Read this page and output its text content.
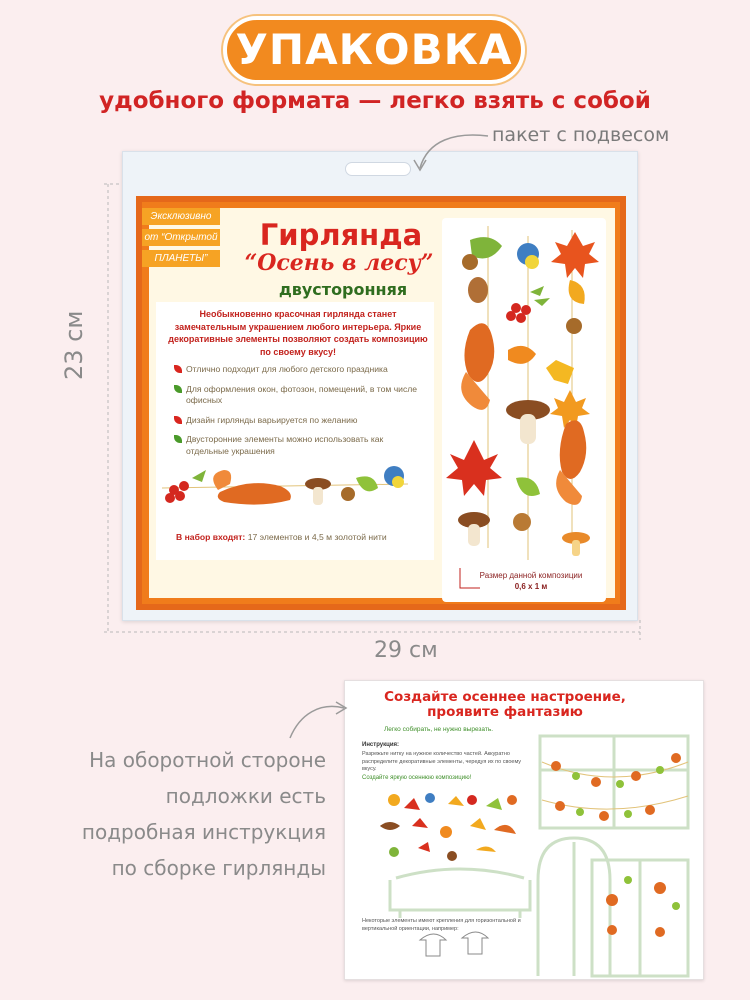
УПАКОВКА
удобного формата — легко взять с собой
пакет с подвесом
23 см
29 см
Эксклюзивно
от “Открытой
ПЛАНЕТЫ”
Гирлянда
“Осень в лесу”
двусторонняя
Необыкновенно красочная гирлянда станет замечательным украшением любого интерьера. Яркие декоративные элементы позволяют создать композицию по своему вкусу!
Отлично подходит для любого детского праздника
Для оформления окон, фотозон, помещений, в том числе офисных
Дизайн гирлянды варьируется по желанию
Двусторонние элементы можно использовать как отдельные украшения
В набор входят: 17 элементов и 4,5 м золотой нити
Размер данной композиции
0,6 х 1 м
Создайте осеннее настроение, проявите фантазию
Легко собирать, не нужно вырезать.
Инструкция:
Разрежьте нитку на нужное количество частей. Аккуратно распределите декоративные элементы, чередуя их по своему вкусу.
Создайте яркую осеннюю композицию!
Некоторые элементы имеют крепления для горизонтальной и вертикальной ориентации, например:
На оборотной стороне
подложки есть
подробная инструкция
по сборке гирлянды
